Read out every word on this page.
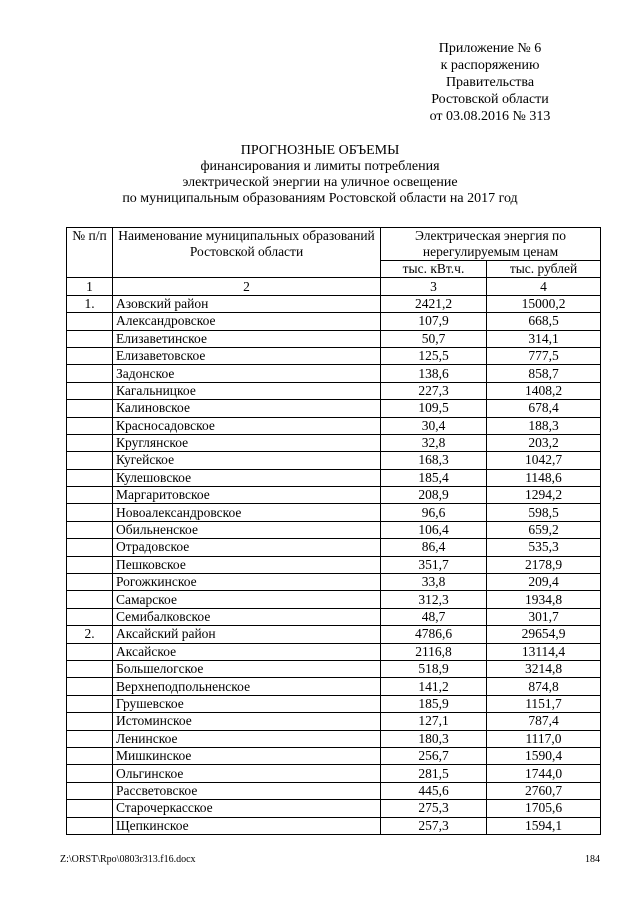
Приложение № 6
к распоряжению
Правительства
Ростовской области
от 03.08.2016 № 313
ПРОГНОЗНЫЕ ОБЪЕМЫ
финансирования и лимиты потребления
электрической энергии на уличное освещение
по муниципальным образованиям Ростовской области на 2017 год
№ п/п	Наименование муниципальных образований Ростовской области	Электрическая энергия по нерегулируемым ценам	
		тыс. кВт.ч.	тыс. рублей
1	2	3	4
1.	Азовский район	2421,2	15000,2
	Александровское	107,9	668,5
	Елизаветинское	50,7	314,1
	Елизаветовское	125,5	777,5
	Задонское	138,6	858,7
	Кагальницкое	227,3	1408,2
	Калиновское	109,5	678,4
	Красносадовское	30,4	188,3
	Круглянское	32,8	203,2
	Кугейское	168,3	1042,7
	Кулешовское	185,4	1148,6
	Маргаритовское	208,9	1294,2
	Новоалександровское	96,6	598,5
	Обильненское	106,4	659,2
	Отрадовское	86,4	535,3
	Пешковское	351,7	2178,9
	Рогожкинское	33,8	209,4
	Самарское	312,3	1934,8
	Семибалковское	48,7	301,7
2.	Аксайский район	4786,6	29654,9
	Аксайское	2116,8	13114,4
	Большелогское	518,9	3214,8
	Верхнеподпольненское	141,2	874,8
	Грушевское	185,9	1151,7
	Истоминское	127,1	787,4
	Ленинское	180,3	1117,0
	Мишкинское	256,7	1590,4
	Ольгинское	281,5	1744,0
	Рассветовское	445,6	2760,7
	Старочеркасское	275,3	1705,6
	Щепкинское	257,3	1594,1
Z:\ORST\Rpo\0803r313.f16.docx	184
